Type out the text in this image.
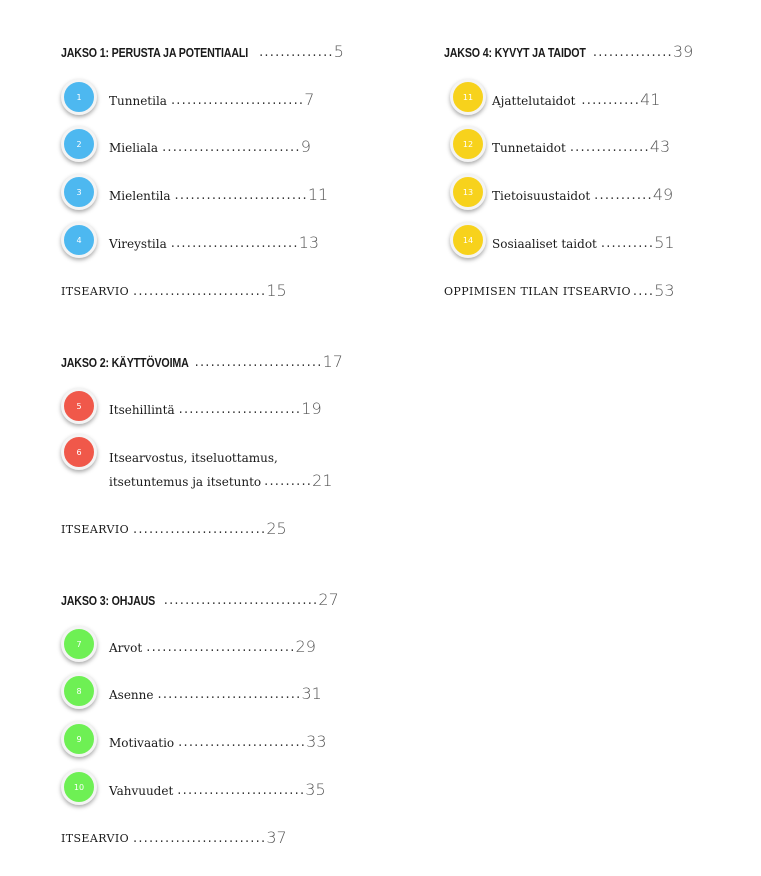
JAKSO 1: PERUSTA JA POTENTIAALI .............. 5
1 Tunnetila ......................... 7
2 Mieliala .......................... 9
3 Mielentila ......................... 11
4 Vireystila ........................ 13
ITSEARVIO ......................... 15
JAKSO 2: KÄYTTÖVOIMA ........................ 17
5 Itsehillintä ....................... 19
6 Itsearvostus, itseluottamus,
itsetuntemus ja itsetunto ......... 21
ITSEARVIO ......................... 25
JAKSO 3: OHJAUS ............................. 27
7 Arvot ............................ 29
8 Asenne ........................... 31
9 Motivaatio ........................ 33
10 Vahvuudet ........................ 35
ITSEARVIO ......................... 37
JAKSO 4: KYVYT JA TAIDOT ............... 39
11 Ajattelutaidot ........... 41
12 Tunnetaidot ............... 43
13 Tietoisuustaidot ........... 49
14 Sosiaaliset taidot .......... 51
OPPIMISEN TILAN ITSEARVIO .... 53
